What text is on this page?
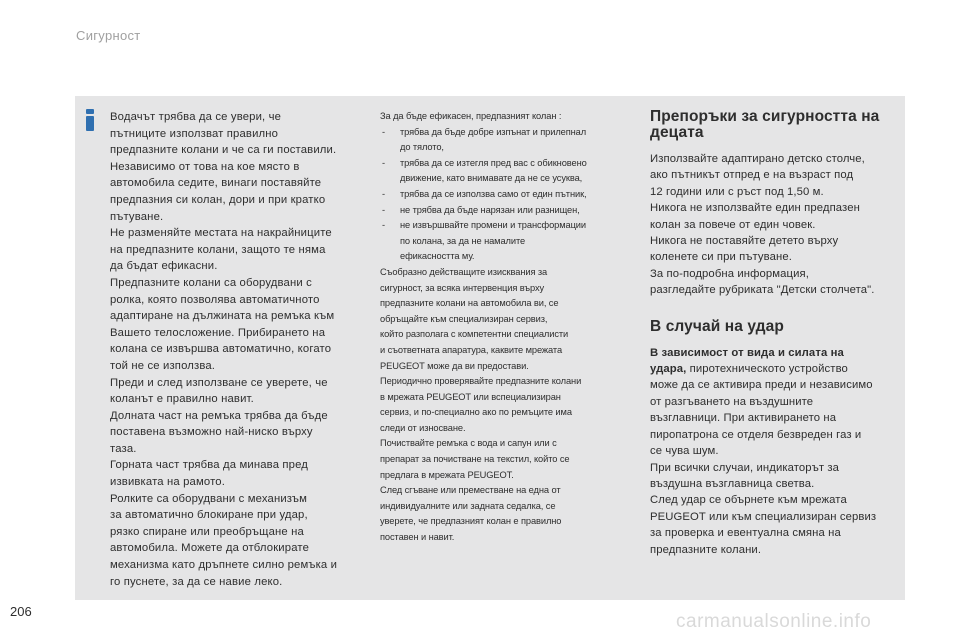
Сигурност

Водачът трябва да се увери, че
пътниците използват правилно
предпазните колани и че са ги поставили.
Независимо от това на кое място в
автомобила седите, винаги поставяйте
предпазния си колан, дори и при кратко
пътуване.

Не разменяйте местата на накрайниците
на предпазните колани, защото те няма
да бъдат ефикасни.

Предпазните колани са оборудвани с
ролка, която позволява автоматичното
адаптиране на дължината на ремъка към
Вашето телосложение. Прибирането на
колана се извършва автоматично, когато
той не се използва.

Преди и след използване се уверете, че
коланът е правилно навит.

Долната част на ремъка трябва да бъде
поставена възможно най-ниско върху
таза.

Горната част трябва да минава пред
извивката на рамото.

Ролките са оборудвани с механизъм
за автоматично блокиране при удар,
рязко спиране или преобръщане на
автомобила. Можете да отблокирате
механизма като дръпнете силно ремъка и
го пуснете, за да се навие леко.

За да бъде ефикасен, предпазният колан :

- трябва да бъде добре изпънат и прилепнал
до тялото,
- трябва да се изтегля пред вас с обикновено
движение, като внимавате да не се усуква,
- трябва да се използва само от един пътник,
- не трябва да бъде нарязан или разнищен,
- не извършвайте промени и трансформации
по колана, за да не намалите
ефикасността му.

Съобразно действащите изисквания за
сигурност, за всяка интервенция върху
предпазните колани на автомобила ви, се
обръщайте към специализиран сервиз,
който разполага с компетентни специалисти
и съответната апаратура, каквите мрежата
PEUGEOT може да ви предостави.

Периодично проверявайте предпазните колани
в мрежата PEUGEOT или вспециализиран
сервиз, и по-специално ако по ремъците има
следи от износване.

Почиствайте ремъка с вода и сапун или с
препарат за почистване на текстил, който се
предлага в мрежата PEUGEOT.

След сгъване или преместване на една от
индивидуалните или задната седалка, се
уверете, че предпазният колан е правилно
поставен и навит.

Препоръки за сигурността на
децата

Използвайте адаптирано детско столче,
ако пътникът отпред е на възраст под
12 години или с ръст под 1,50 м.

Никога не използвайте един предпазен
колан за повече от един човек.

Никога не поставяйте детето върху
коленете си при пътуване.

За по-подробна информация,
разгледайте рубриката "Детски столчета".

В случай на удар

В зависимост от вида и силата на
удара, пиротехническото устройство
може да се активира преди и независимо
от разгъването на въздушните
възглавници. При активирането на
пиропатрона се отделя безвреден газ и
се чува шум.

При всички случаи, индикаторът за
въздушна възглавница светва.

След удар се обърнете към мрежата
PEUGEOT или към специализиран сервиз
за проверка и евентуална смяна на
предпазните колани.

206	carmanualsonline.info
